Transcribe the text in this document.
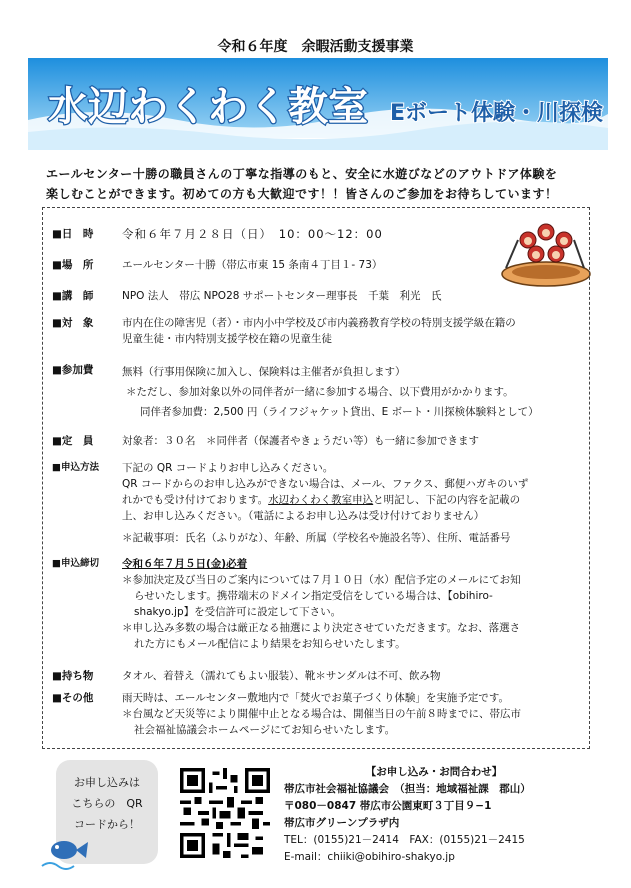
令和６年度　余暇活動支援事業
水辺わくわく教室 Eボート体験・川探検
エールセンター十勝の職員さんの丁寧な指導のもと、安全に水遊びなどのアウトドア体験を
楽しむことができます。初めての方も大歓迎です！！皆さんのご参加をお待ちしています！
■日　時	令和６年７月２８日（日）　10：00～12：00
■場　所	エールセンター十勝（帯広市東 15 条南４丁目１- 73）
■講　師	NPO 法人　帯広 NPO28 サポートセンター理事長　千葉　利光　氏
■対　象	市内在住の障害児（者）・市内小中学校及び市内義務教育学校の特別支援学級在籍の
児童生徒・市内特別支援学校在籍の児童生徒
■参加費	無料（行事用保険に加入し、保険料は主催者が負担します）
＊ただし、参加対象以外の同伴者が一緒に参加する場合、以下費用がかかります。
同伴者参加費：2,500 円（ライフジャケット貸出、E ボート・川探検体験料として）
■定　員	対象者：３０名　＊同伴者（保護者やきょうだい等）も一緒に参加できます
■申込方法	下記の QR コードよりお申し込みください。
QR コードからのお申し込みができない場合は、メール、ファクス、郵便ハガキのいず
れかでも受け付けております。水辺わくわく教室申込と明記し、下記の内容を記載の
上、お申し込みください。（電話によるお申し込みは受け付けておりません）
＊記載事項：氏名（ふりがな）、年齢、所属（学校名や施設名等）、住所、電話番号
■申込締切	令和６年７月５日(金)必着
＊参加決定及び当日のご案内については７月１０日（水）配信予定のメールにてお知
らせいたします。携帯端末のドメイン指定受信をしている場合は、【obihiro-
shakyo.jp】を受信許可に設定して下さい。
＊申し込み多数の場合は厳正なる抽選により決定させていただきます。なお、落選さ
れた方にもメール配信により結果をお知らせいたします。
■持ち物	タオル、着替え（濡れてもよい服装）、靴＊サンダルは不可、飲み物
■その他	雨天時は、エールセンター敷地内で「焚火でお菓子づくり体験」を実施予定です。
＊台風など天災等により開催中止となる場合は、開催当日の午前８時までに、帯広市
社会福祉協議会ホームページにてお知らせいたします。
お申し込みは
こちらの　QR
コードから！
【お申し込み・お問合わせ】
帯広市社会福祉協議会　（担当：地域福祉課　郡山）
〒080－0847 帯広市公園東町３丁目９−1
帯広市グリーンプラザ内
TEL：(0155)21－2414　FAX：(0155)21－2415
E-mail：chiiki@obihiro-shakyo.jp
